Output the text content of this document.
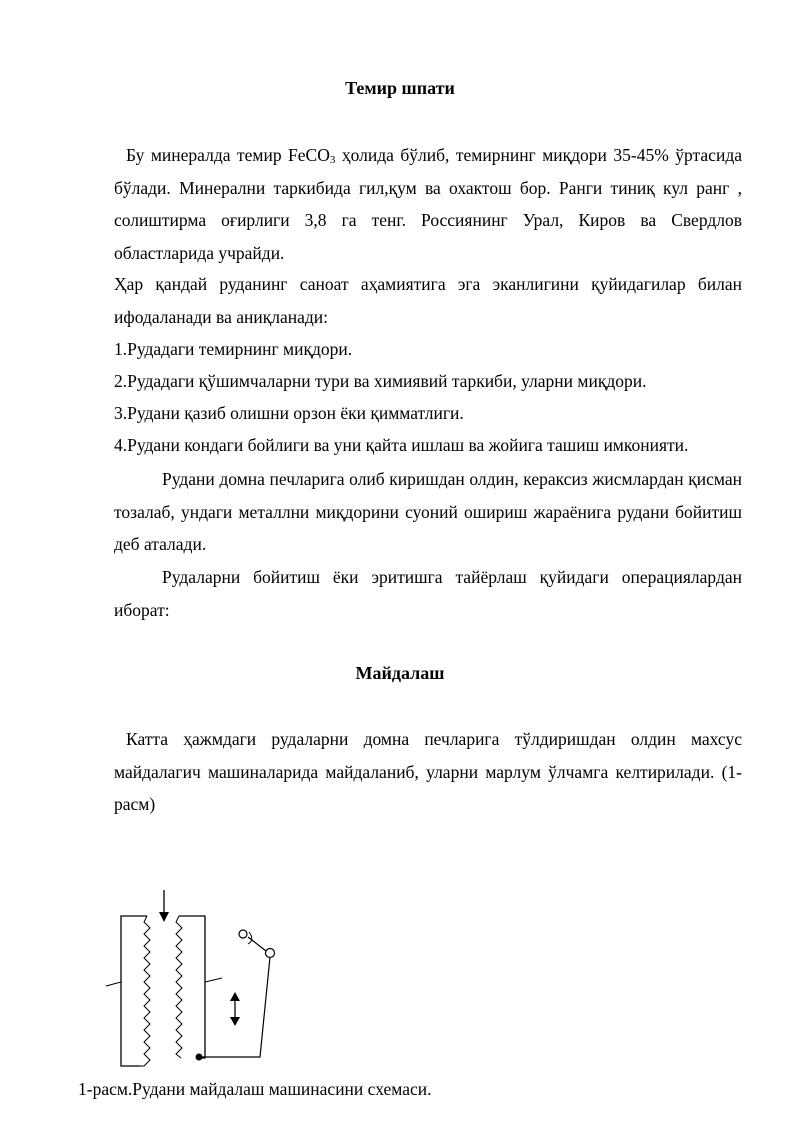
Темир шпати

Бу минералда темир FeCO$_3$ ҳолида бўлиб, темирнинг миқдори 35-45% ўртасида бўлади. Минерални таркибида гил,қум ва охактош бор. Ранги тиниқ кул ранг , солиштирма оғирлиги 3,8 га тенг. Россиянинг Урал, Киров ва Свердлов областларида учрайди.

Ҳар қандай руданинг саноат аҳамиятига эга эканлигини қуйидагилар билан ифодаланади ва аниқланади:

1.Рудадаги темирнинг миқдори.

2.Рудадаги қўшимчаларни тури ва химиявий таркиби, уларни миқдори.

3.Рудани қазиб олишни орзон ёки қимматлиги.

4.Рудани кондаги бойлиги ва уни қайта ишлаш ва жойига ташиш имконияти.

Рудани домна печларига олиб киришдан олдин, кераксиз жисмлардан қисман тозалаб, ундаги металлни миқдорини суоний ошириш жараёнига рудани бойитиш деб аталади.

Рудаларни бойитиш ёки эритишга тайёрлаш қуйидаги операциялардан иборат:

Майдалаш

Катта ҳажмдаги рудаларни домна печларига тўлдиришдан олдин махсус майдалагич машиналарида майдаланиб, уларни марлум ўлчамга келтирилади. (1-расм)

1-расм.Рудани майдалаш машинасини схемаси.
